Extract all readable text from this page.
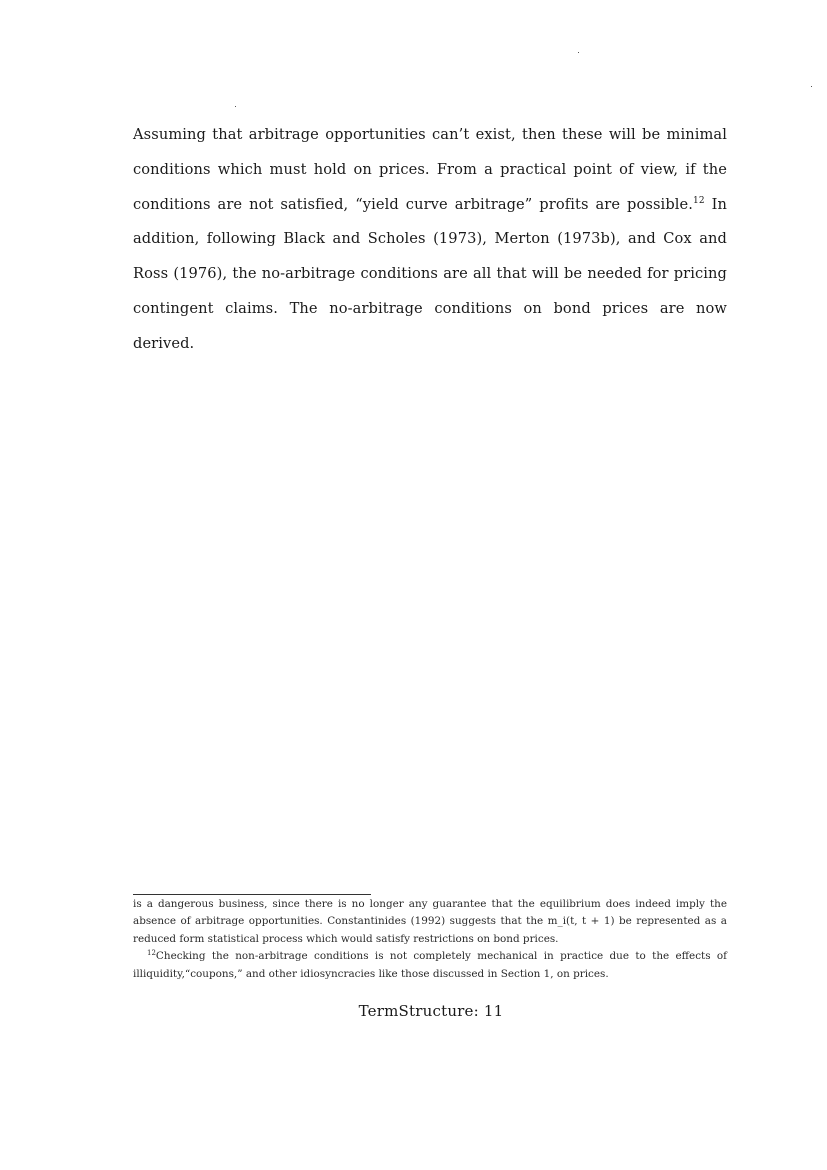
Assuming that arbitrage opportunities can’t exist, then these will be minimal conditions which must hold on prices. From a practical point of view, if the conditions are not satisfied, “yield curve arbitrage” profits are possible.$^{12}$ In addition, following Black and Scholes (1973), Merton (1973b), and Cox and Ross (1976), the no-arbitrage conditions are all that will be needed for pricing contingent claims. The no-arbitrage conditions on bond prices are now derived.

is a dangerous business, since there is no longer any guarantee that the equilibrium does indeed imply the absence of arbitrage opportunities. Constantinides (1992) suggests that the m_i(t, t + 1) be represented as a reduced form statistical process which would satisfy restrictions on bond prices.

$^{12}$Checking the non-arbitrage conditions is not completely mechanical in practice due to the effects of illiquidity,“coupons,” and other idiosyncracies like those discussed in Section 1, on prices.

TermStructure: 11
